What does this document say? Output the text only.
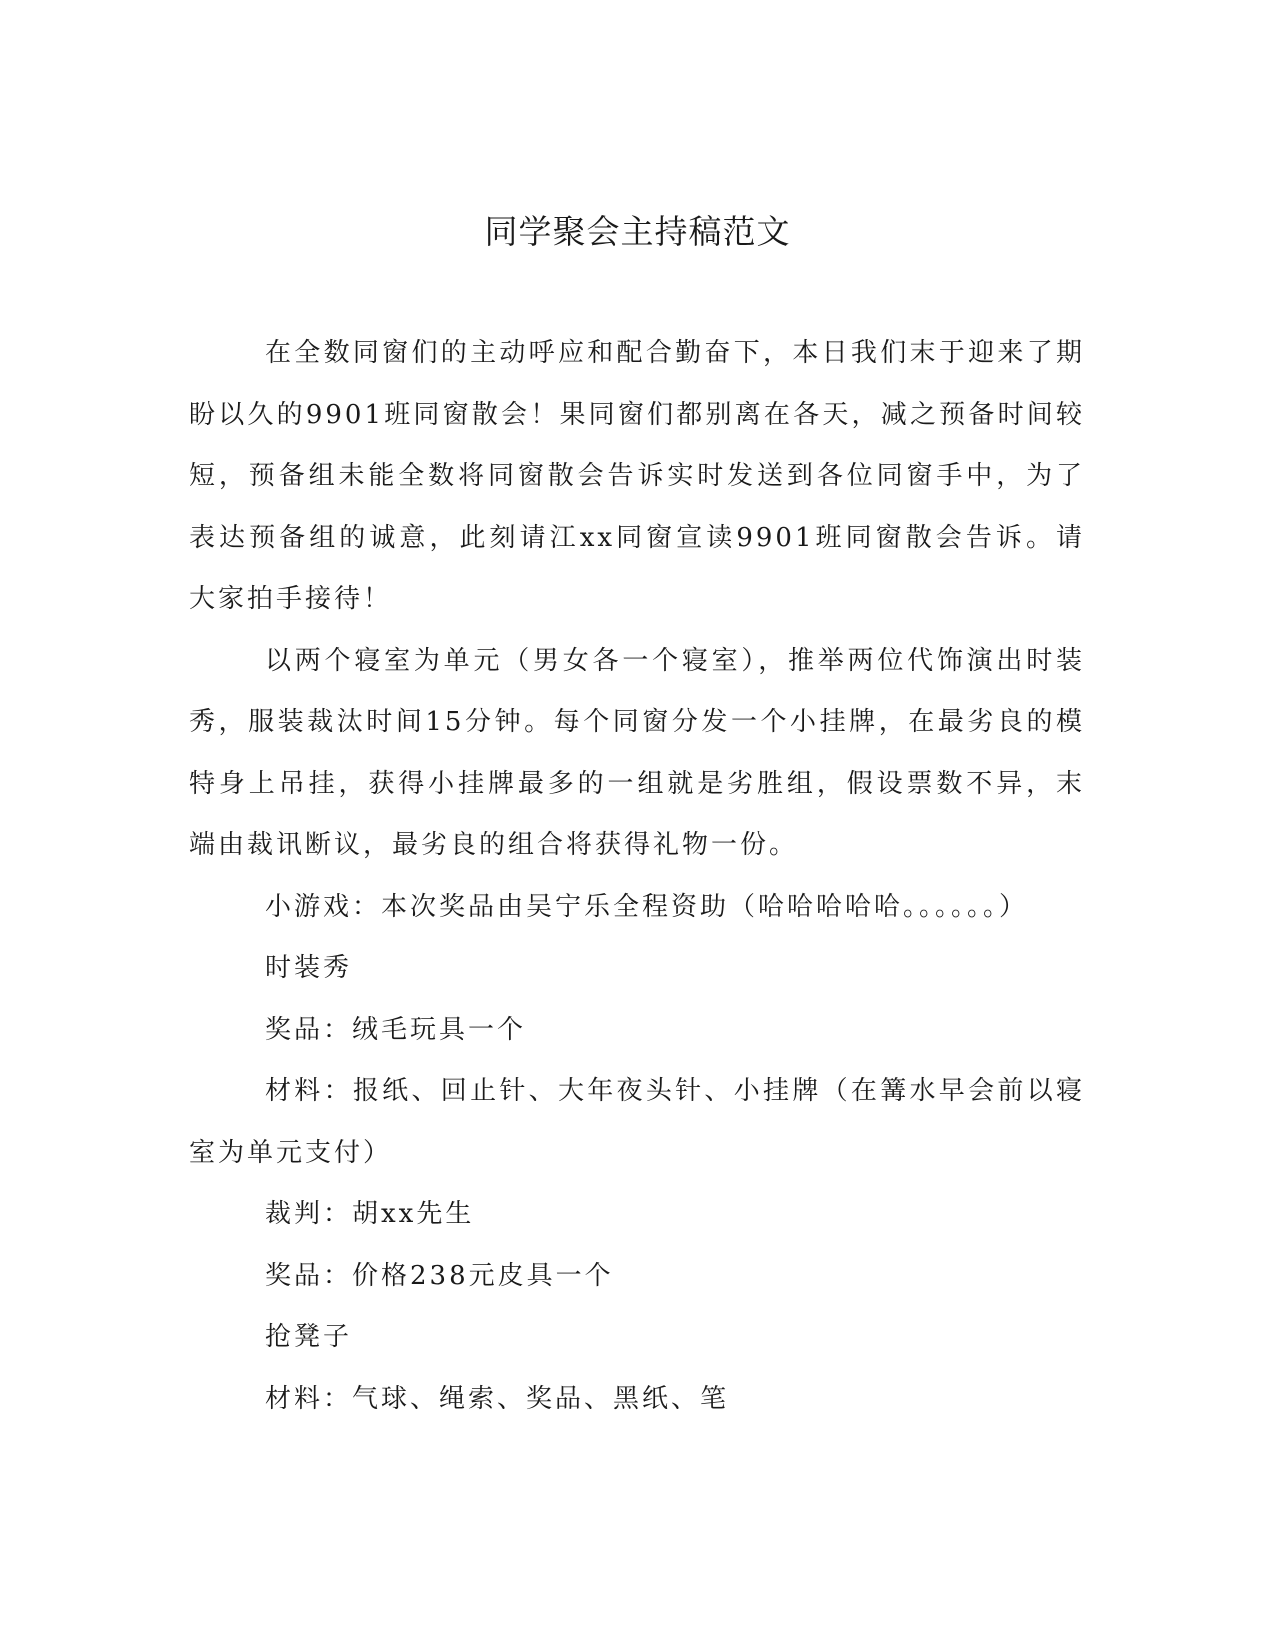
同学聚会主持稿范文

在全数同窗们的主动呼应和配合勤奋下，本日我们末于迎来了期盼以久的9901班同窗散会！果同窗们都别离在各天，减之预备时间较短，预备组未能全数将同窗散会告诉实时发送到各位同窗手中，为了表达预备组的诚意，此刻请江xx同窗宣读9901班同窗散会告诉。请大家拍手接待！

以两个寝室为单元（男女各一个寝室），推举两位代饰演出时装秀，服装裁汰时间15分钟。每个同窗分发一个小挂牌，在最劣良的模特身上吊挂，获得小挂牌最多的一组就是劣胜组，假设票数不异，末端由裁讯断议，最劣良的组合将获得礼物一份。

小游戏：本次奖品由吴宁乐全程资助（哈哈哈哈哈。。。。。。）

时装秀

奖品：绒毛玩具一个

材料：报纸、回止针、大年夜头针、小挂牌（在篝水早会前以寝室为单元支付）

裁判：胡xx先生

奖品：价格238元皮具一个

抢凳子

材料：气球、绳索、奖品、黑纸、笔
